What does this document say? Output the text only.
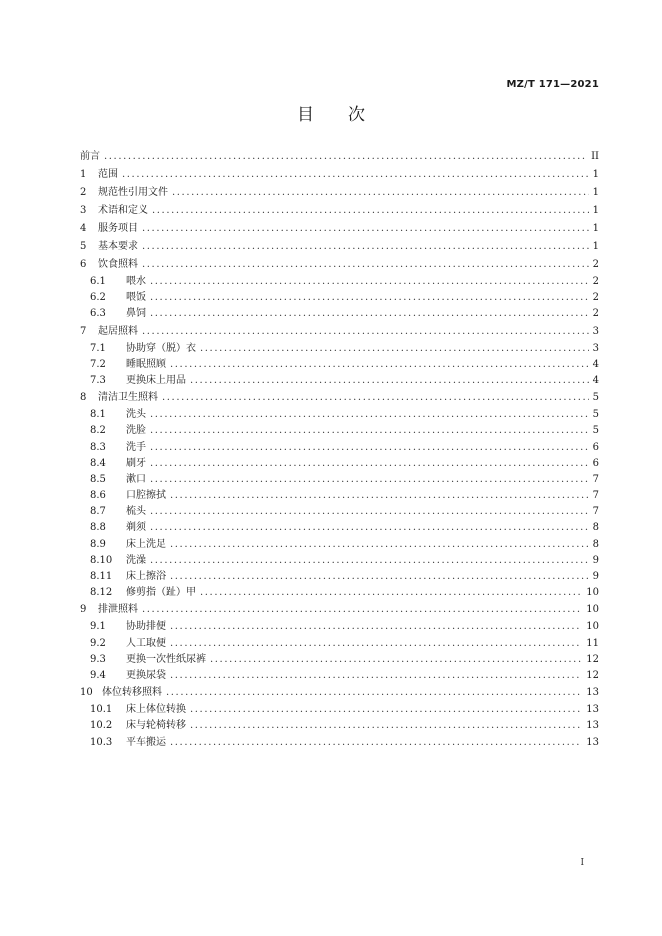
MZ/T 171—2021
目次
前言 .....	II
1	范围 .....	1
2	规范性引用文件 .....	1
3	术语和定义 .....	1
4	服务项目 .....	1
5	基本要求 .....	1
6	饮食照料 .....	2
6.1	喂水 .....	2
6.2	喂饭 .....	2
6.3	鼻饲 .....	2
7	起居照料 .....	3
7.1	协助穿（脱）衣 .....	3
7.2	睡眠照顾 .....	4
7.3	更换床上用品 .....	4
8	清洁卫生照料 .....	5
8.1	洗头 .....	5
8.2	洗脸 .....	5
8.3	洗手 .....	6
8.4	刷牙 .....	6
8.5	漱口 .....	7
8.6	口腔擦拭 .....	7
8.7	梳头 .....	7
8.8	剃须 .....	8
8.9	床上洗足 .....	8
8.10	洗澡 .....	9
8.11	床上擦浴 .....	9
8.12	修剪指（趾）甲 .....	10
9	排泄照料 .....	10
9.1	协助排便 .....	10
9.2	人工取便 .....	11
9.3	更换一次性纸尿裤 .....	12
9.4	更换尿袋 .....	12
10 体位转移照料 .....	13
10.1	床上体位转换 .....	13
10.2	床与轮椅转移 .....	13
10.3	平车搬运 .....	13
I
